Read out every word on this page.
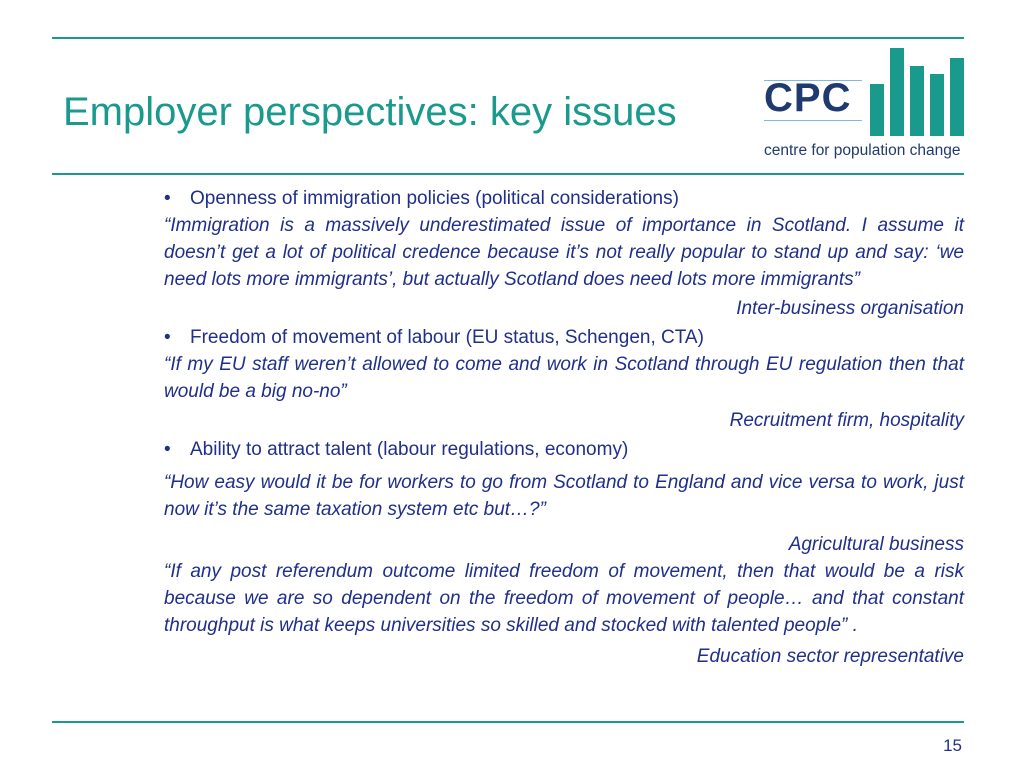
Employer perspectives: key issues CPC
centre for population change
•	Openness of immigration policies (political considerations)
“Immigration is a massively underestimated issue of importance in Scotland. I assume it doesn’t get a lot of political credence because it’s not really popular to stand up and say: ‘we need lots more immigrants’, but actually Scotland does need lots more immigrants”
Inter-business organisation
•	Freedom of movement of labour (EU status, Schengen, CTA)
“If my EU staff weren’t allowed to come and work in Scotland through EU regulation then that would be a big no-no”
Recruitment firm, hospitality
•	Ability to attract talent (labour regulations, economy)
“How easy would it be for workers to go from Scotland to England and vice versa to work, just now it’s the same taxation system etc but…?”
Agricultural business
“If any post referendum outcome limited freedom of movement, then that would be a risk because we are so dependent on the freedom of movement of people… and that constant throughput is what keeps universities so skilled and stocked with talented people” .
Education sector representative
15
